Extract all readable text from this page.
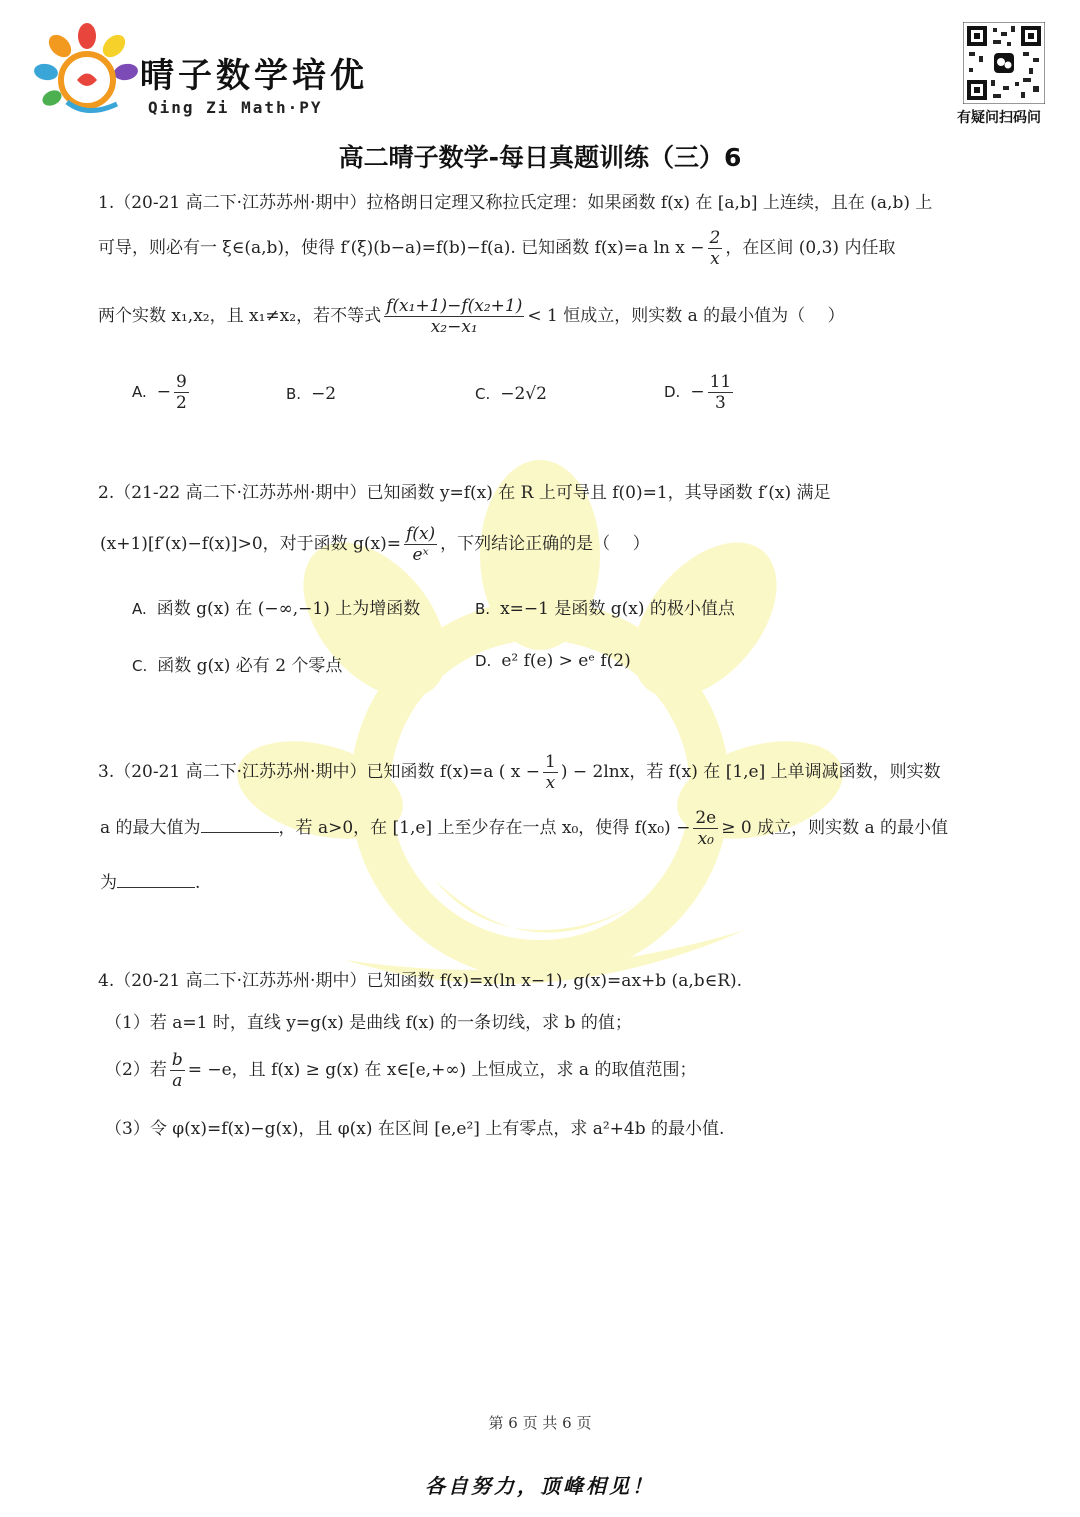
晴子数学培优
Qing Zi Math·PY
有疑问扫码问
高二晴子数学-每日真题训练（三）6
1.（20-21 高二下·江苏苏州·期中）拉格朗日定理又称拉氏定理：如果函数 f(x) 在 [a,b] 上连续，且在 (a,b) 上
可导，则必有一 ξ∈(a,b)，使得 f′(ξ)(b−a)=f(b)−f(a). 已知函数 f(x)=a $\ln x - \frac{2}{x}$ ，在区间 (0,3) 内任取
两个实数 x₁,x₂，且 x₁≠x₂，若不等式 $\frac{\text{f(x₁+1)−f(x₂+1)}}{\text{x₂−x₁}} < 1$ 恒成立，则实数 a 的最小值为（　 ）
A. − $\frac{9}{2}$	B. −2	C. −2√2	D. − $\frac{11}{3}$
2.（21-22 高二下·江苏苏州·期中）已知函数 y=f(x) 在 R 上可导且 f(0)=1，其导函数 f′(x) 满足
(x+1)[f′(x)−f(x)]>0，对于函数 $g(x)= \frac{f(x)}{\text{eˣ}}$ ，下列结论正确的是（　 ）
A. 函数 g(x) 在 (−∞,−1) 上为增函数	B. x=−1 是函数 g(x) 的极小值点
C. 函数 g(x) 必有 2 个零点	D. e² f(e) > eᵉ f(2)
3.（20-21 高二下·江苏苏州·期中）已知函数 f(x)=a ( $x - \frac{1}{x}$ ) − 2lnx，若 f(x) 在 [1,e] 上单调减函数，则实数
a 的最大值为	，若 a>0，在 [1,e] 上至少存在一点 x₀，使得 $f(x_0) - \frac{2e}{\text{x₀}} \ge 0$ 成立，则实数 a 的最小值
为	.
4.（20-21 高二下·江苏苏州·期中）已知函数 f(x)=x(ln x−1), g(x)=ax+b (a,b∈R).
（1）若 a=1 时，直线 y=g(x) 是曲线 f(x) 的一条切线，求 b 的值；
（2）若 $\frac{b}{a} = -e$，且 f(x) ≥ g(x) 在 x∈[e,+∞) 上恒成立，求 a 的取值范围；
（3）令 φ(x)=f(x)−g(x)，且 φ(x) 在区间 [e,e²] 上有零点，求 a²+4b 的最小值.
第 6 页 共 6 页
各自努力，顶峰相见！
